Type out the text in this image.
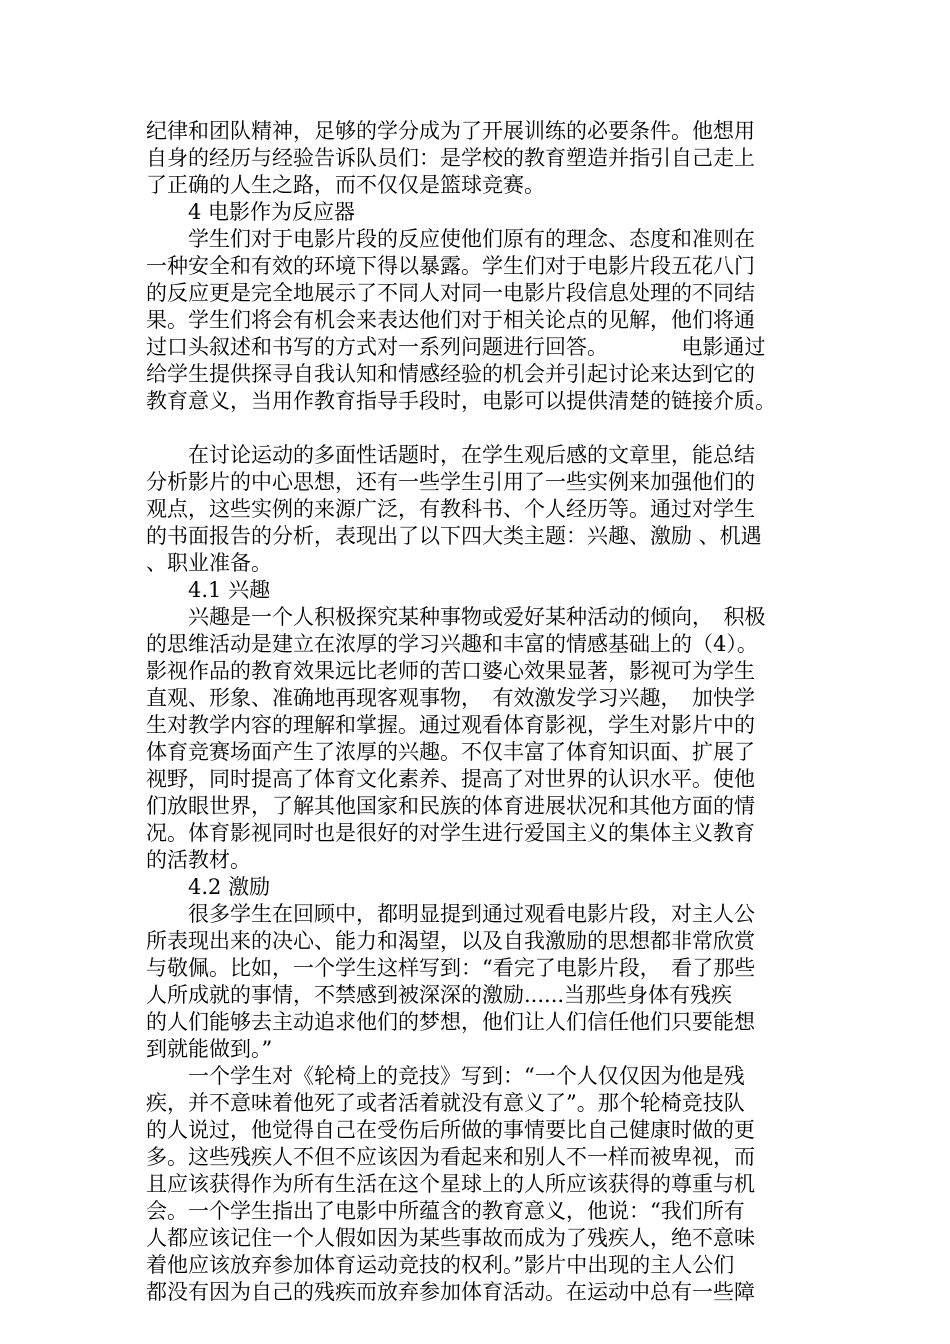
纪律和团队精神，足够的学分成为了开展训练的必要条件。他想用
自身的经历与经验告诉队员们：是学校的教育塑造并指引自己走上
了正确的人生之路，而不仅仅是篮球竞赛。
　　4 电影作为反应器
　　学生们对于电影片段的反应使他们原有的理念、态度和准则在
一种安全和有效的环境下得以暴露。学生们对于电影片段五花八门
的反应更是完全地展示了不同人对同一电影片段信息处理的不同结
果。学生们将会有机会来表达他们对于相关论点的见解，他们将通
过口头叙述和书写的方式对一系列问题进行回答。　　　　电影通过
给学生提供探寻自我认知和情感经验的机会并引起讨论来达到它的
教育意义，当用作教育指导手段时，电影可以提供清楚的链接介质。
　　在讨论运动的多面性话题时，在学生观后感的文章里，能总结
分析影片的中心思想，还有一些学生引用了一些实例来加强他们的
观点，这些实例的来源广泛，有教科书、个人经历等。通过对学生
的书面报告的分析，表现出了以下四大类主题：兴趣、激励 、机遇
、职业准备。
　　4.1 兴趣
　　兴趣是一个人积极探究某种事物或爱好某种活动的倾向，　积极
的思维活动是建立在浓厚的学习兴趣和丰富的情感基础上的（4）。
影视作品的教育效果远比老师的苦口婆心效果显著，影视可为学生
直观、形象、准确地再现客观事物，　有效激发学习兴趣，　加快学
生对教学内容的理解和掌握。通过观看体育影视，学生对影片中的
体育竞赛场面产生了浓厚的兴趣。不仅丰富了体育知识面、扩展了
视野，同时提高了体育文化素养、提高了对世界的认识水平。使他
们放眼世界，了解其他国家和民族的体育进展状况和其他方面的情
况。体育影视同时也是很好的对学生进行爱国主义的集体主义教育
的活教材。
　　4.2 激励
　　很多学生在回顾中，都明显提到通过观看电影片段，对主人公
所表现出来的决心、能力和渴望，以及自我激励的思想都非常欣赏
与敬佩。比如，一个学生这样写到：“看完了电影片段，　看了那些
人所成就的事情，不禁感到被深深的激励......当那些身体有残疾
的人们能够去主动追求他们的梦想，他们让人们信任他们只要能想
到就能做到。”
　　一个学生对《轮椅上的竞技》写到：“一个人仅仅因为他是残
疾，并不意味着他死了或者活着就没有意义了”。那个轮椅竞技队
的人说过，他觉得自己在受伤后所做的事情要比自己健康时做的更
多。这些残疾人不但不应该因为看起来和别人不一样而被卑视，而
且应该获得作为所有生活在这个星球上的人所应该获得的尊重与机
会。一个学生指出了电影中所蕴含的教育意义，他说：“我们所有
人都应该记住一个人假如因为某些事故而成为了残疾人，绝不意味
着他应该放弃参加体育运动竞技的权利。”影片中出现的主人公们
都没有因为自己的残疾而放弃参加体育活动。在运动中总有一些障
